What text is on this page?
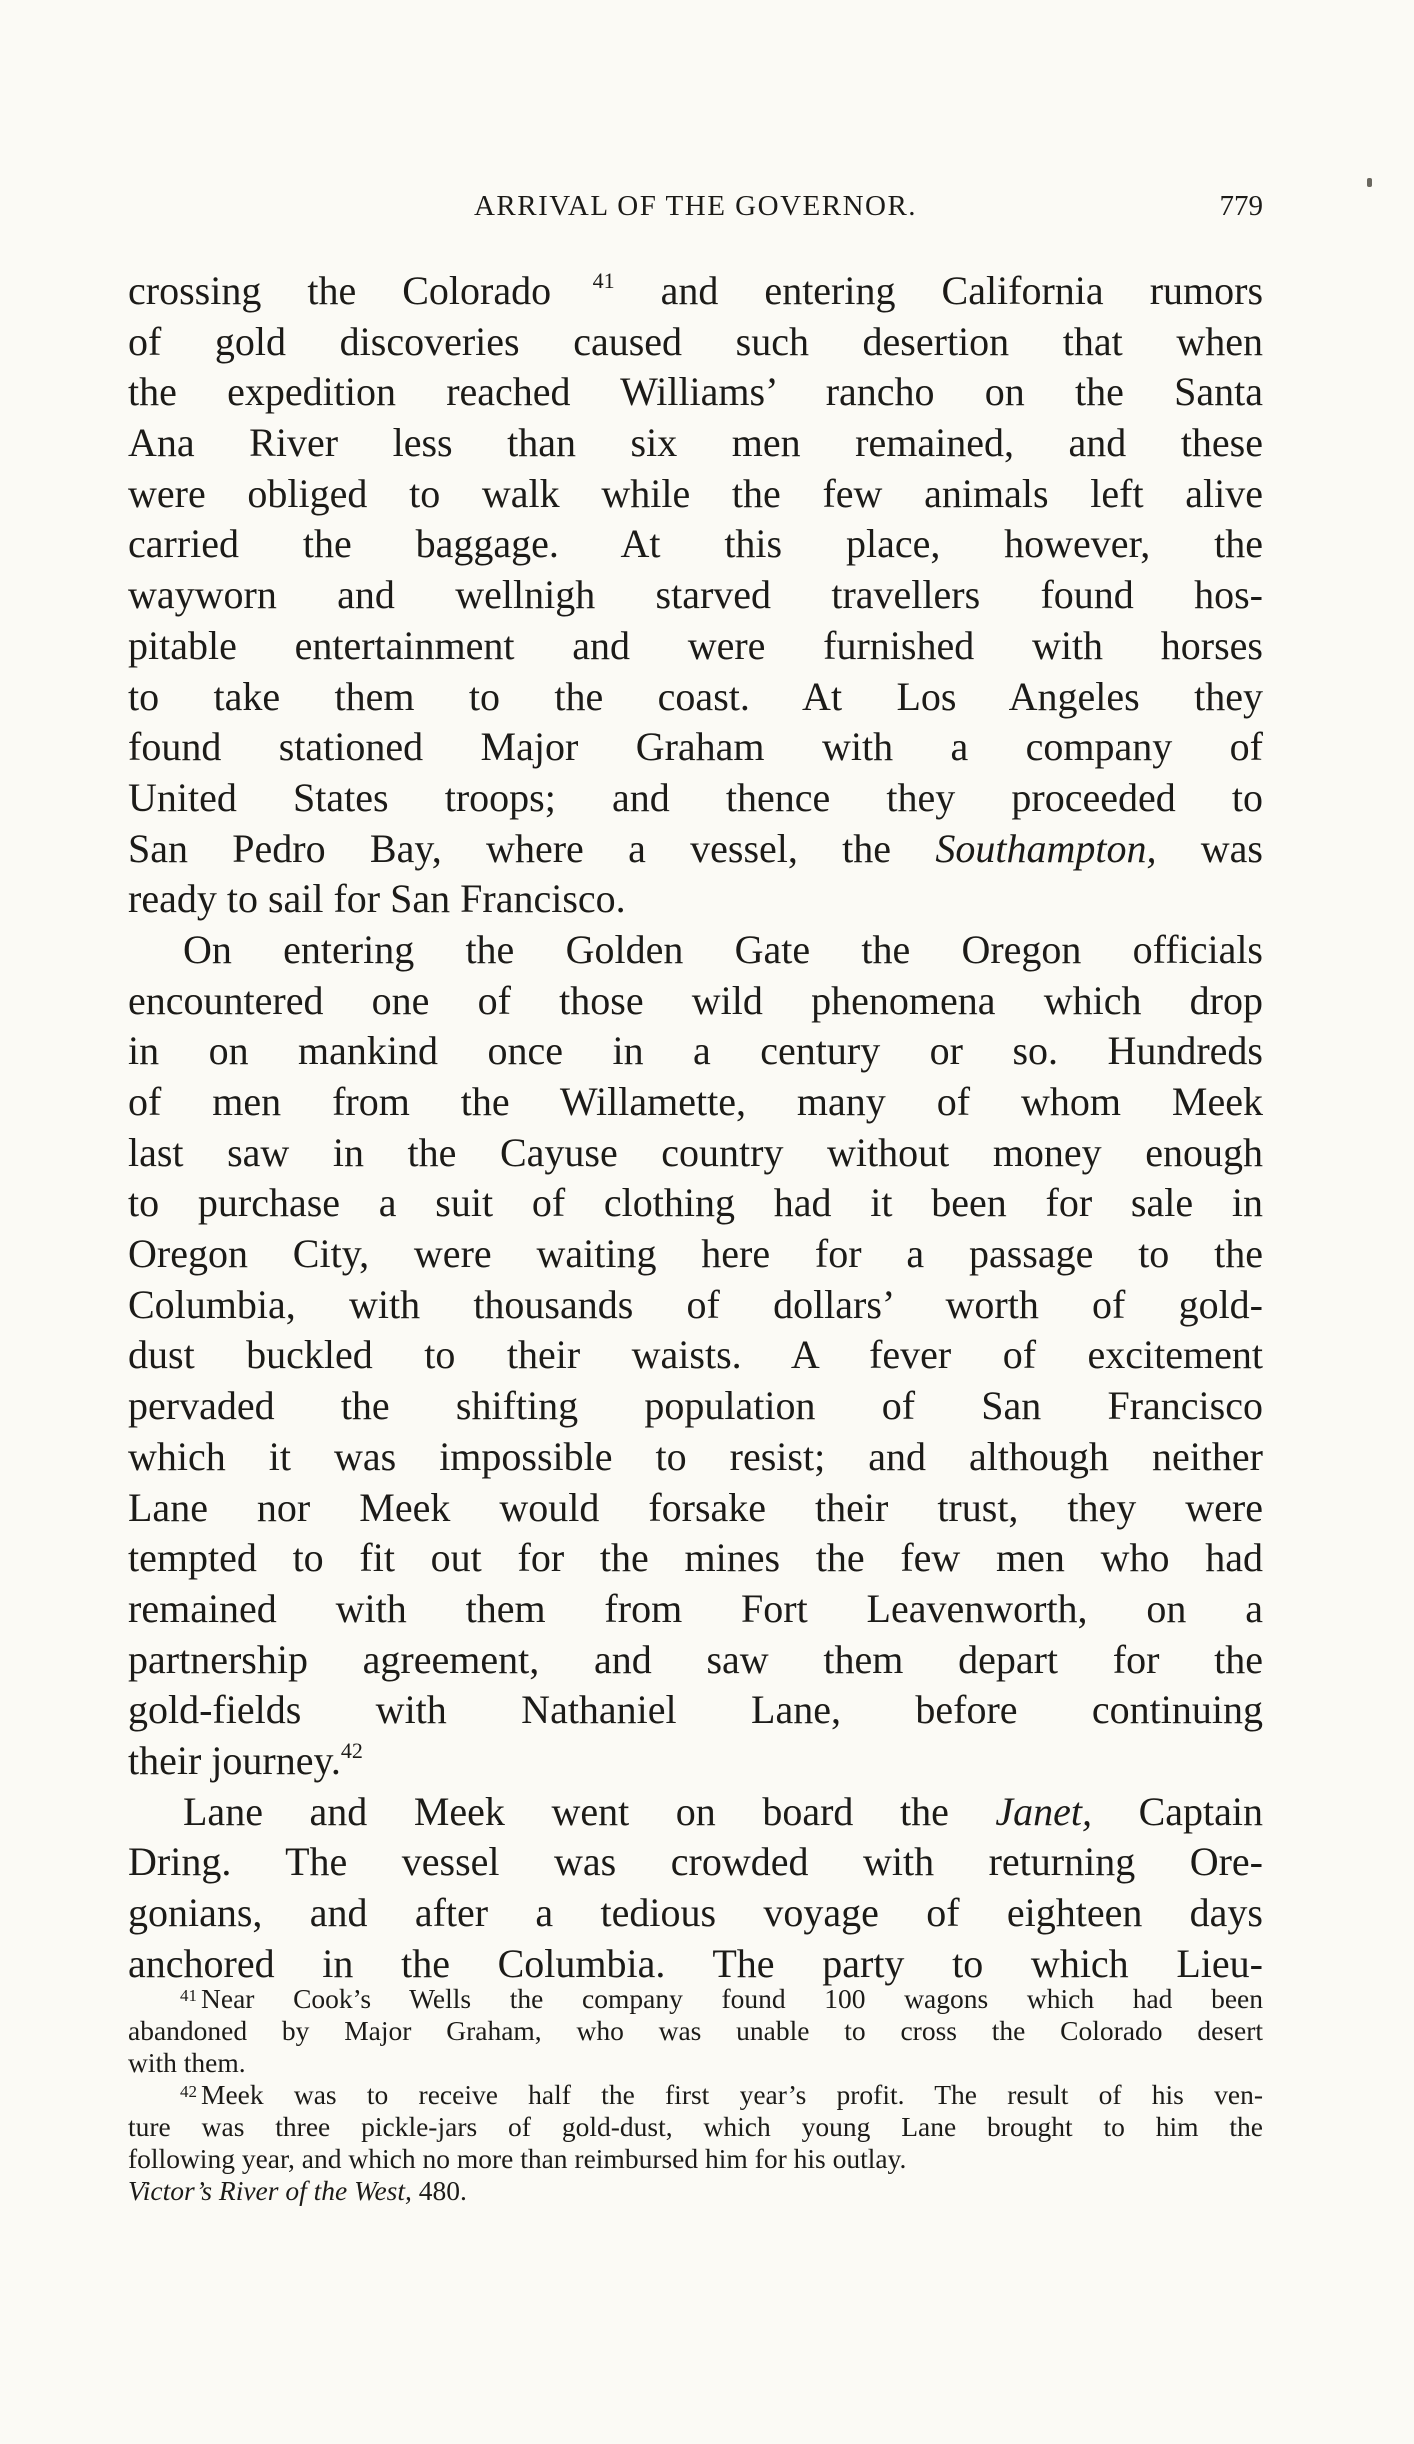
ARRIVAL OF THE GOVERNOR.	779
crossing the Colorado $^{41}$ and entering California rumors
of gold discoveries caused such desertion that when
the expedition reached Williams’ rancho on the Santa
Ana River less than six men remained, and these
were obliged to walk while the few animals left alive
carried the baggage. At this place, however, the
wayworn and wellnigh starved travellers found hos-
pitable entertainment and were furnished with horses
to take them to the coast. At Los Angeles they
found stationed Major Graham with a company of
United States troops; and thence they proceeded to
San Pedro Bay, where a vessel, the Southampton, was
ready to sail for San Francisco.
On entering the Golden Gate the Oregon officials
encountered one of those wild phenomena which drop
in on mankind once in a century or so. Hundreds
of men from the Willamette, many of whom Meek
last saw in the Cayuse country without money enough
to purchase a suit of clothing had it been for sale in
Oregon City, were waiting here for a passage to the
Columbia, with thousands of dollars’ worth of gold-
dust buckled to their waists. A fever of excitement
pervaded the shifting population of San Francisco
which it was impossible to resist; and although neither
Lane nor Meek would forsake their trust, they were
tempted to fit out for the mines the few men who had
remained with them from Fort Leavenworth, on a
partnership agreement, and saw them depart for the
gold-fields with Nathaniel Lane, before continuing
their journey.$^{42}$
Lane and Meek went on board the Janet, Captain
Dring. The vessel was crowded with returning Ore-
gonians, and after a tedious voyage of eighteen days
anchored in the Columbia. The party to which Lieu-
$^{41}$ Near Cook’s Wells the company found 100 wagons which had been
abandoned by Major Graham, who was unable to cross the Colorado desert
with them.
$^{42}$ Meek was to receive half the first year’s profit. The result of his ven-
ture was three pickle-jars of gold-dust, which young Lane brought to him the
following year, and which no more than reimbursed him for his outlay.
Victor’s River of the West, 480.
